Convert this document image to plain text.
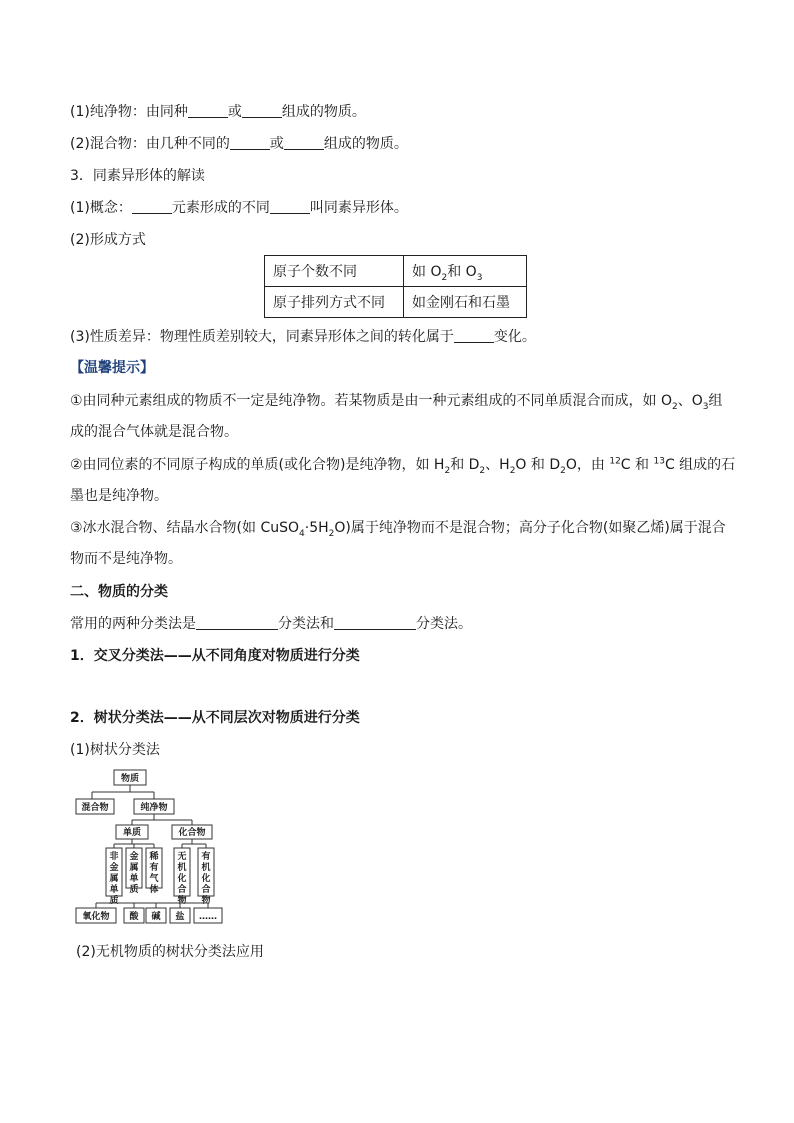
(1)纯净物：由同种	或	组成的物质。
(2)混合物：由几种不同的	或	组成的物质。
3．同素异形体的解读
(1)概念：	元素形成的不同	叫同素异形体。
(2)形成方式
原子个数不同	如 $O_2$和 $O_3$
原子排列方式不同	如金刚石和石墨
(3)性质差异：物理性质差别较大，同素异形体之间的转化属于	变化。
【温馨提示】
①由同种元素组成的物质不一定是纯净物。若某物质是由一种元素组成的不同单质混合而成，如 $O_2$、$O_3$组
成的混合气体就是混合物。
②由同位素的不同原子构成的单质(或化合物)是纯净物，如 $H_2$和 $D_2$、$H_2O$ 和 $D_2O$，由 $^{12}$C 和 $^{13}$C 组成的石
墨也是纯净物。
③冰水混合物、结晶水合物(如 $CuSO_4\cdot 5H_2O$)属于纯净物而不是混合物；高分子化合物(如聚乙烯)属于混合
物而不是纯净物。
二、物质的分类
常用的两种分类法是	分类法和	分类法。
1．交叉分类法——从不同角度对物质进行分类
2．树状分类法——从不同层次对物质进行分类
(1)树状分类法
物质
混合物	纯净物
单质	化合物
非金属单质
金属单质
稀有气体
无机化合物
有机化合物
氧化物 酸 碱 盐 ……
(2)无机物质的树状分类法应用
